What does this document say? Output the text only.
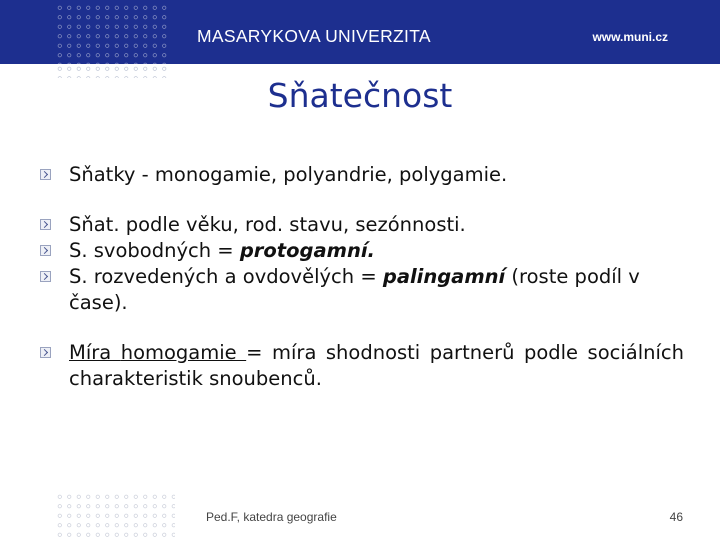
MASARYKOVA UNIVERZITA	www.muni.cz
Sňatečnost
Sňatky - monogamie, polyandrie, polygamie.
Sňat. podle věku, rod. stavu, sezónnosti.
S. svobodných = protogamní.
S. rozvedených a ovdovělých = palingamní (roste podíl v čase).
Míra homogamie = míra shodnosti partnerů podle sociálních charakteristik snoubenců.
Ped.F, katedra geografie	46
